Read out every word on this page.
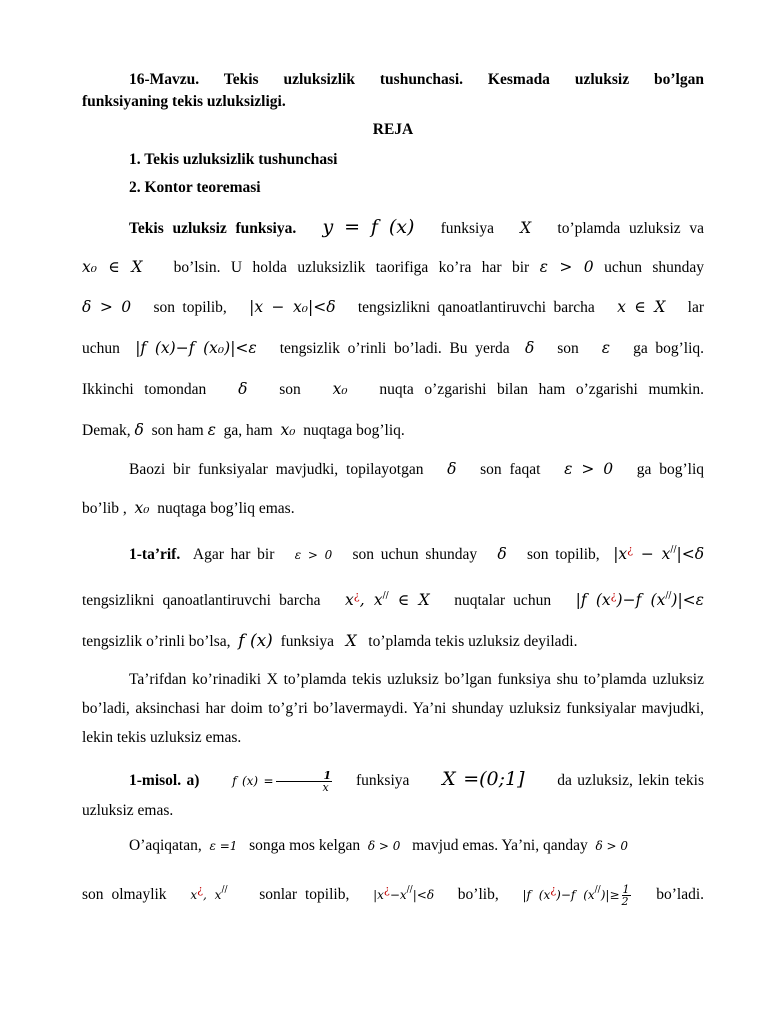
16-Mavzu. Tekis uzluksizlik tushunchasi. Kesmada uzluksiz bo’lgan

funksiyaning tekis uzluksizligi.

REJA

1. Tekis uzluksizlik tushunchasi
2. Kontor teoremasi
Tekis uzluksiz funksiya. y = f (x) funksiya X to’plamda uzluksiz va
x₀ ∈ X bo’lsin. U holda uzluksizlik taorifiga ko’ra har bir ε > 0 uchun shunday
δ > 0 son topilib, |x − x₀|<δ tengsizlikni qanoatlantiruvchi barcha x ∈ X lar
uchun |f (x)−f (x₀)|<ε tengsizlik o’rinli bo’ladi. Bu yerda δ son ε ga bog’liq.
Ikkinchi tomondan δ son x₀ nuqta o’zgarishi bilan ham o’zgarishi mumkin.
Demak, δ son ham ε ga, ham x₀ nuqtaga bog’liq.
Baozi bir funksiyalar mavjudki, topilayotgan δ son faqat ε > 0 ga bog’liq
bo’lib , x₀ nuqtaga bog’liq emas.
1-ta’rif. Agar har bir ε > 0 son uchun shunday δ son topilib, |x¿ − x//|<δ
tengsizlikni qanoatlantiruvchi barcha x¿, x// ∈ X nuqtalar uchun |f (x¿)−f (x//)|<ε
tengsizlik o’rinli bo’lsa, f (x) funksiya X to’plamda tekis uzluksiz deyiladi.

Ta’rifdan ko’rinadiki X to’plamda tekis uzluksiz bo’lgan funksiya shu to’plamda uzluksiz bo’ladi, aksinchasi har doim to’g’ri bo’lavermaydi. Ya’ni shunday uzluksiz funksiyalar mavjudki, lekin tekis uzluksiz emas.

1-misol. a)	f $(x) = \frac{1}{x}$ funksiya X =(0;1] da uzluksiz, lekin tekis
uzluksiz emas.
O’aqiqatan, ε =1 songa mos kelgan δ > 0 mavjud emas. Ya’ni, qanday δ > 0
son olmaylik x¿, x// sonlar topilib, |x¿−x//|<δ bo’lib, |f (x¿)−f $(x^{//})|\ge \frac{1}{2}$ bo’ladi.
